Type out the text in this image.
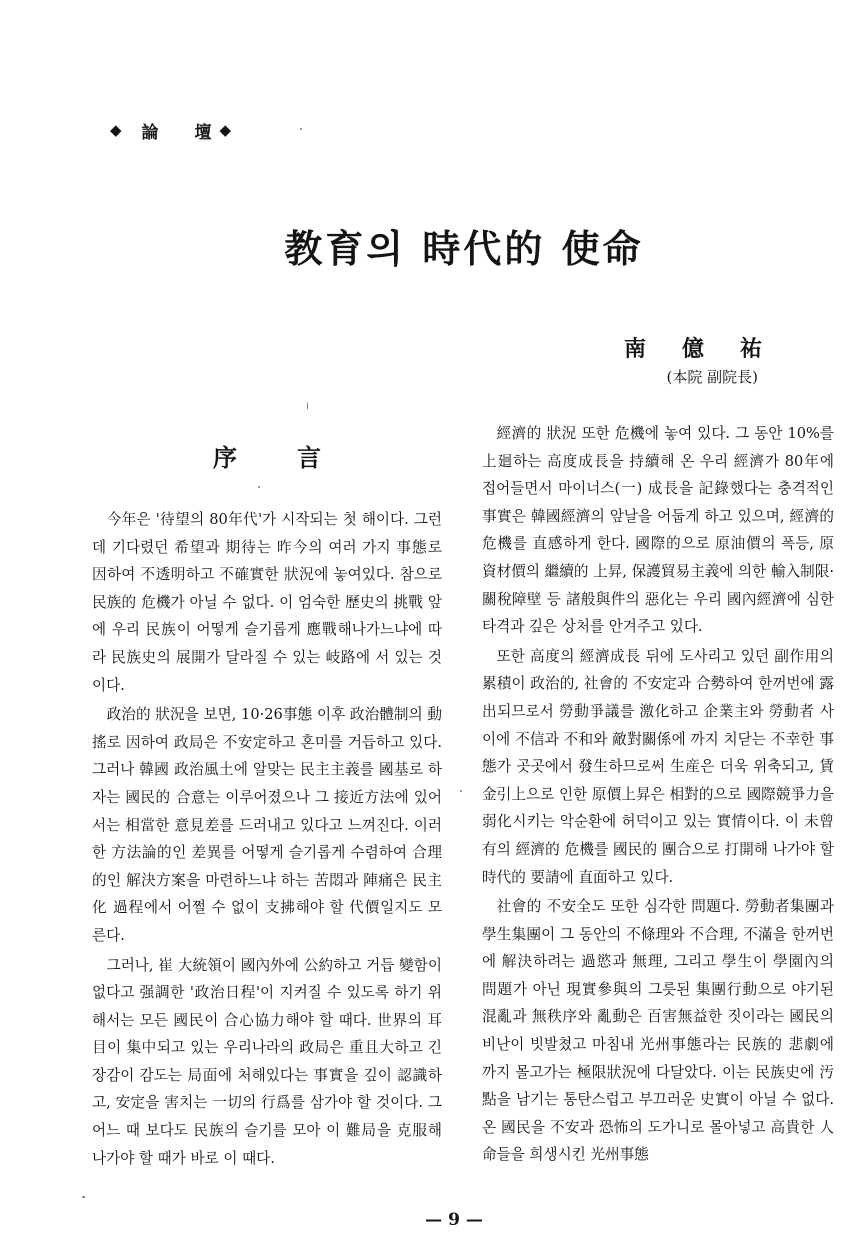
◆ 論 壇 ◆
教育의 時代的 使命
南億祐
(本院 副院長)
序言

今年은 '待望의 80年代'가 시작되는 첫 해이다. 그런데 기다렸던 希望과 期待는 昨今의 여러 가지 事態로 因하여 不透明하고 不確實한 狀況에 놓여있다. 참으로 民族的 危機가 아닐 수 없다. 이 엄숙한 歷史의 挑戰 앞에 우리 民族이 어떻게 슬기롭게 應戰해나가느냐에 따라 民族史의 展開가 달라질 수 있는 岐路에 서 있는 것이다.

政治的 狀況을 보면, 10·26事態 이후 政治體制의 動搖로 因하여 政局은 不安定하고 혼미를 거듭하고 있다. 그러나 韓國 政治風土에 알맞는 民主主義를 國基로 하자는 國民的 合意는 이루어졌으나 그 接近方法에 있어서는 相當한 意見差를 드러내고 있다고 느껴진다. 이러한 方法論的인 差異를 어떻게 슬기롭게 수렴하여 合理的인 解決方案을 마련하느냐 하는 苦悶과 陣痛은 民主化 過程에서 어쩔 수 없이 支拂해야 할 代價일지도 모른다.

그러나, 崔 大統領이 國內外에 公約하고 거듭 變함이 없다고 强調한 '政治日程'이 지켜질 수 있도록 하기 위해서는 모든 國民이 合心協力해야 할 때다. 世界의 耳目이 集中되고 있는 우리나라의 政局은 重且大하고 긴장감이 감도는 局面에 처해있다는 事實을 깊이 認識하고, 安定을 害치는 一切의 行爲를 삼가야 할 것이다. 그 어느 때 보다도 民族의 슬기를 모아 이 難局을 克服해 나가야 할 때가 바로 이 때다.

經濟的 狀況 또한 危機에 놓여 있다. 그 동안 10%를 上廻하는 高度成長을 持續해 온 우리 經濟가 80年에 접어들면서 마이너스(一) 成長을 記錄했다는 충격적인 事實은 韓國經濟의 앞날을 어둡게 하고 있으며, 經濟的 危機를 直感하게 한다. 國際的으로 原油價의 폭등, 原資材價의 繼續的 上昇, 保護貿易主義에 의한 輸入制限·關稅障壁 등 諸般與件의 惡化는 우리 國內經濟에 심한 타격과 깊은 상처를 안겨주고 있다.

또한 高度의 經濟成長 뒤에 도사리고 있던 副作用의 累積이 政治的, 社會的 不安定과 合勢하여 한꺼번에 露出되므로서 勞動爭議를 激化하고 企業主와 勞動者 사이에 不信과 不和와 敵對關係에 까지 치닫는 不幸한 事態가 곳곳에서 發生하므로써 生産은 더욱 위축되고, 賃金引上으로 인한 原價上昇은 相對的으로 國際競爭力을 弱化시키는 악순환에 허덕이고 있는 實情이다. 이 未曾有의 經濟的 危機를 國民的 團合으로 打開해 나가야 할 時代的 要請에 直面하고 있다.

社會的 不安全도 또한 심각한 問題다. 勞動者集團과 學生集團이 그 동안의 不條理와 不合理, 不滿을 한꺼번에 解決하려는 過慾과 無理, 그리고 學生이 學園內의 問題가 아닌 現實參與의 그릇된 集團行動으로 야기된 混亂과 無秩序와 亂動은 百害無益한 짓이라는 國民의 비난이 빗발쳤고 마침내 光州事態라는 民族的 悲劇에 까지 몰고가는 極限狀況에 다달았다. 이는 民族史에 汚點을 남기는 통탄스럽고 부끄러운 史實이 아닐 수 없다. 온 國民을 不安과 恐怖의 도가니로 몰아넣고 高貴한 人命들을 희생시킨 光州事態

— 9 —
